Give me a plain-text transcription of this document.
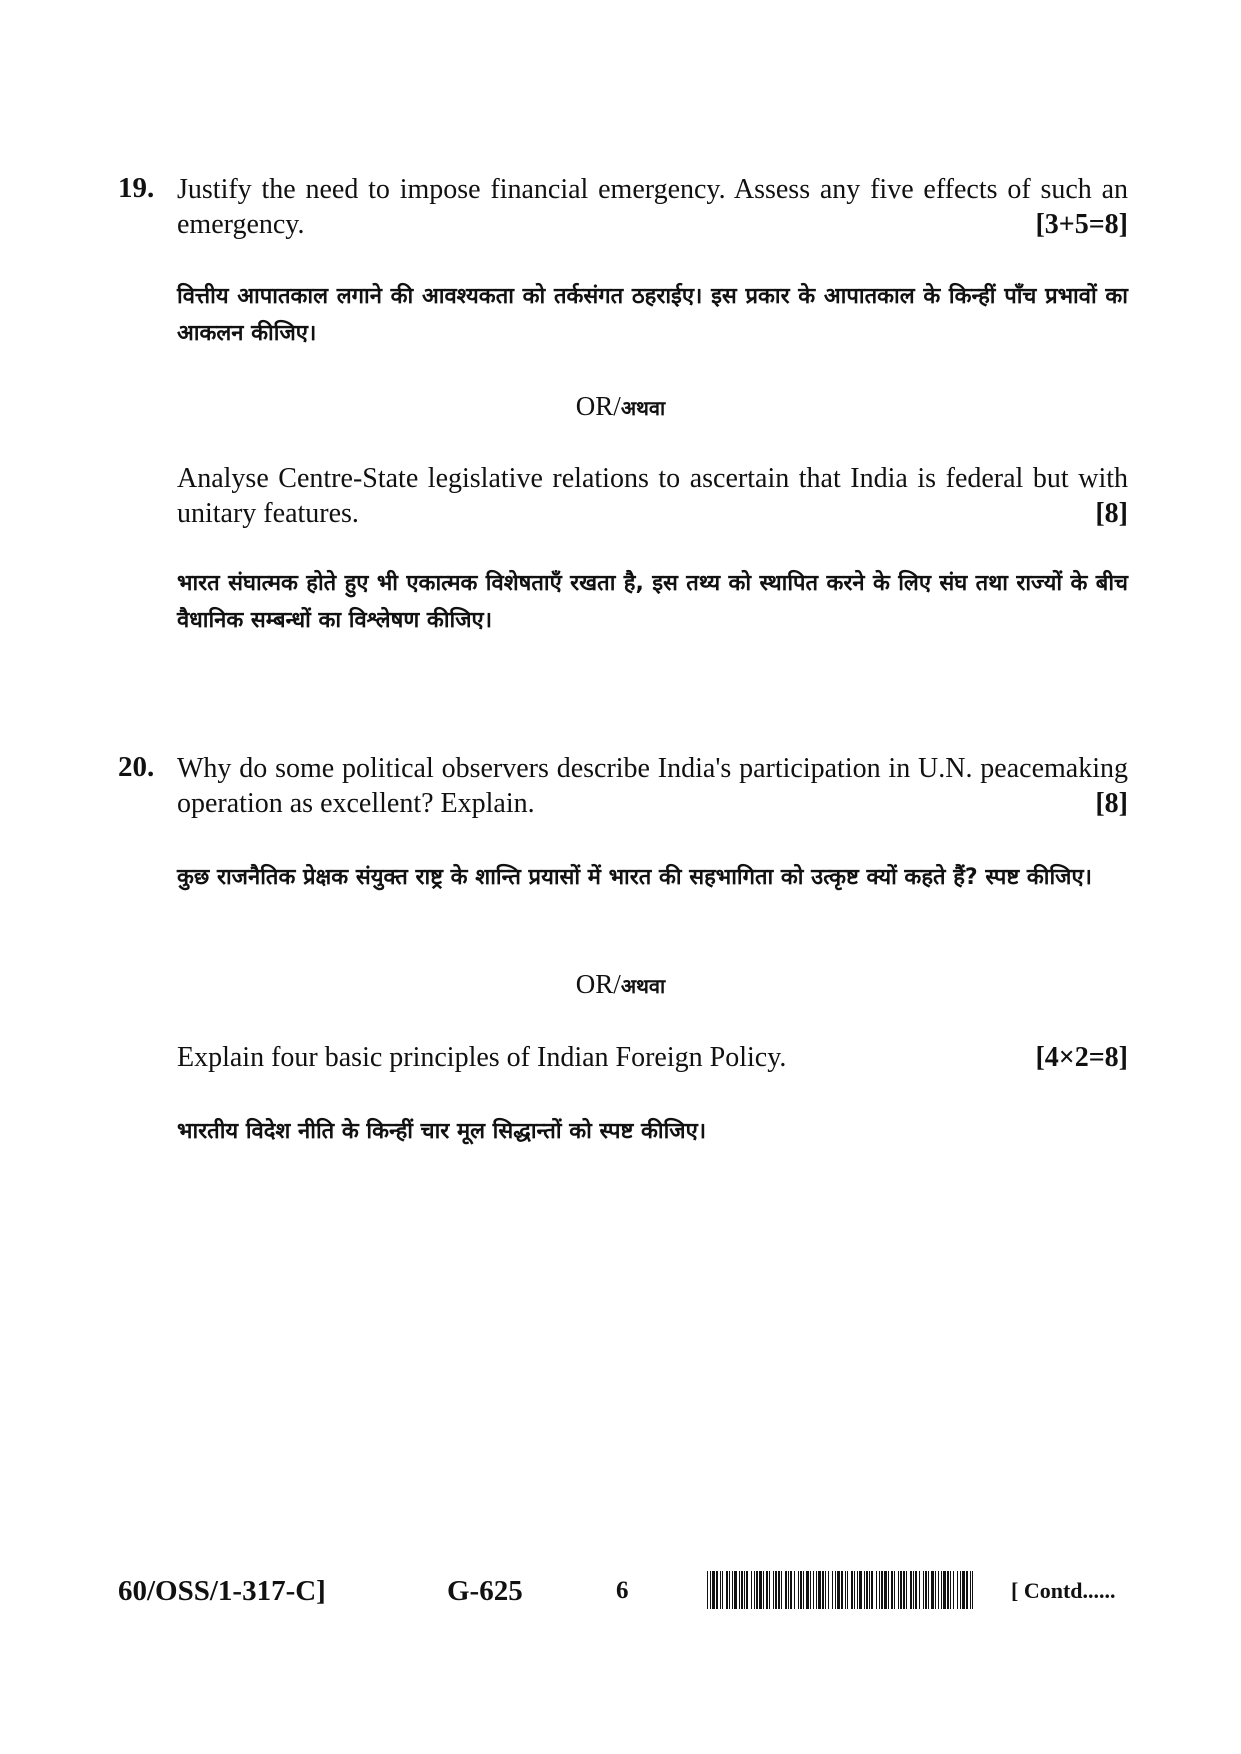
19. Justify the need to impose financial emergency. Assess any five effects of such an emergency.	[3+5=8]
वित्तीय आपातकाल लगाने की आवश्यकता को तर्कसंगत ठहराईए। इस प्रकार के आपातकाल के किन्हीं पाँच प्रभावों का आकलन कीजिए।
OR/अथवा
Analyse Centre-State legislative relations to ascertain that India is federal but with unitary features.	[8]
भारत संघात्मक होते हुए भी एकात्मक विशेषताएँ रखता है, इस तथ्य को स्थापित करने के लिए संघ तथा राज्यों के बीच वैधानिक सम्बन्धों का विश्लेषण कीजिए।
20. Why do some political observers describe India's participation in U.N. peacemaking operation as excellent? Explain.	[8]
कुछ राजनैतिक प्रेक्षक संयुक्त राष्ट्र के शान्ति प्रयासों में भारत की सहभागिता को उत्कृष्ट क्यों कहते हैं? स्पष्ट कीजिए।
OR/अथवा
Explain four basic principles of Indian Foreign Policy.	[4×2=8]
भारतीय विदेश नीति के किन्हीं चार मूल सिद्धान्तों को स्पष्ट कीजिए।
60/OSS/1-317-C]	G-625	6	[ Contd......
